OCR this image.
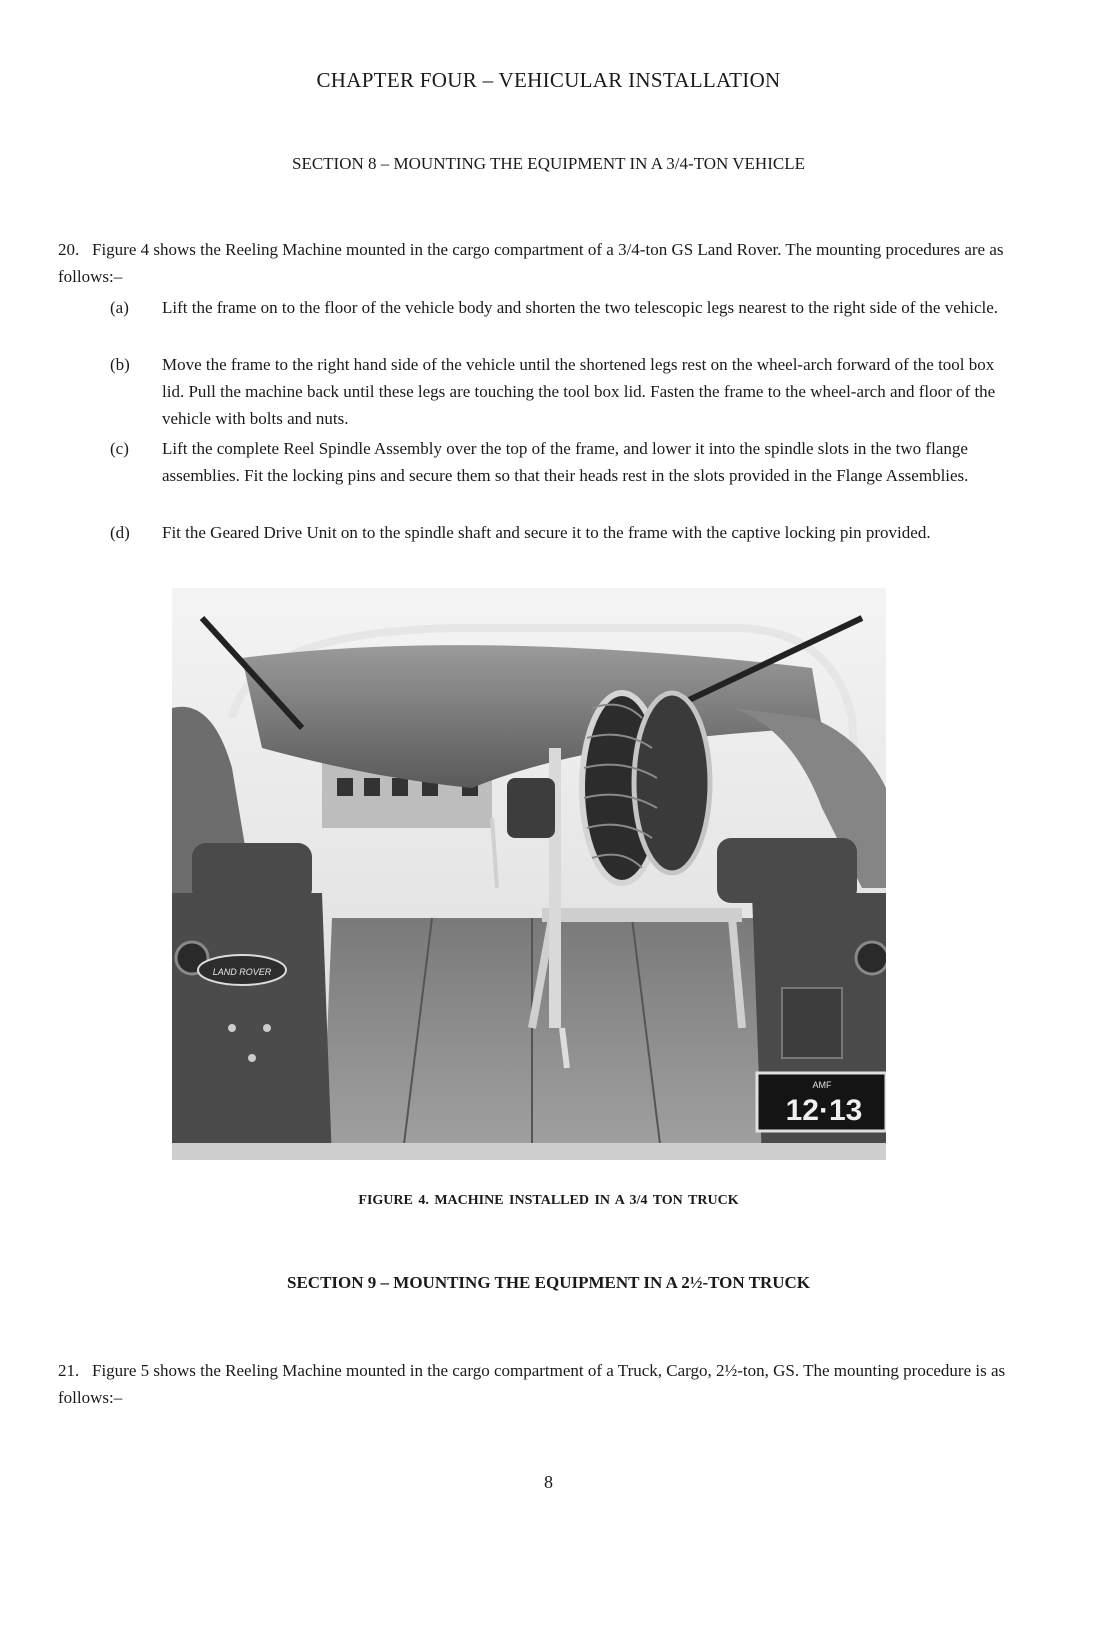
CHAPTER FOUR – VEHICULAR INSTALLATION
SECTION 8 – MOUNTING THE EQUIPMENT IN A 3/4-TON VEHICLE
20. Figure 4 shows the Reeling Machine mounted in the cargo compartment of a 3/4-ton GS Land Rover. The mounting procedures are as follows:–
(a)	Lift the frame on to the floor of the vehicle body and shorten the two telescopic legs nearest to the right side of the vehicle.
(b)	Move the frame to the right hand side of the vehicle until the shortened legs rest on the wheel-arch forward of the tool box lid. Pull the machine back until these legs are touching the tool box lid. Fasten the frame to the wheel-arch and floor of the vehicle with bolts and nuts.
(c)	Lift the complete Reel Spindle Assembly over the top of the frame, and lower it into the spindle slots in the two flange assemblies. Fit the locking pins and secure them so that their heads rest in the slots provided in the Flange Assemblies.
(d)	Fit the Geared Drive Unit on to the spindle shaft and secure it to the frame with the captive locking pin provided.
LAND ROVER
AMF
12·13
FIGURE 4. MACHINE INSTALLED IN A 3/4 TON TRUCK
SECTION 9 – MOUNTING THE EQUIPMENT IN A 2½-TON TRUCK
21. Figure 5 shows the Reeling Machine mounted in the cargo compartment of a Truck, Cargo, 2½-ton, GS. The mounting procedure is as follows:–
8
